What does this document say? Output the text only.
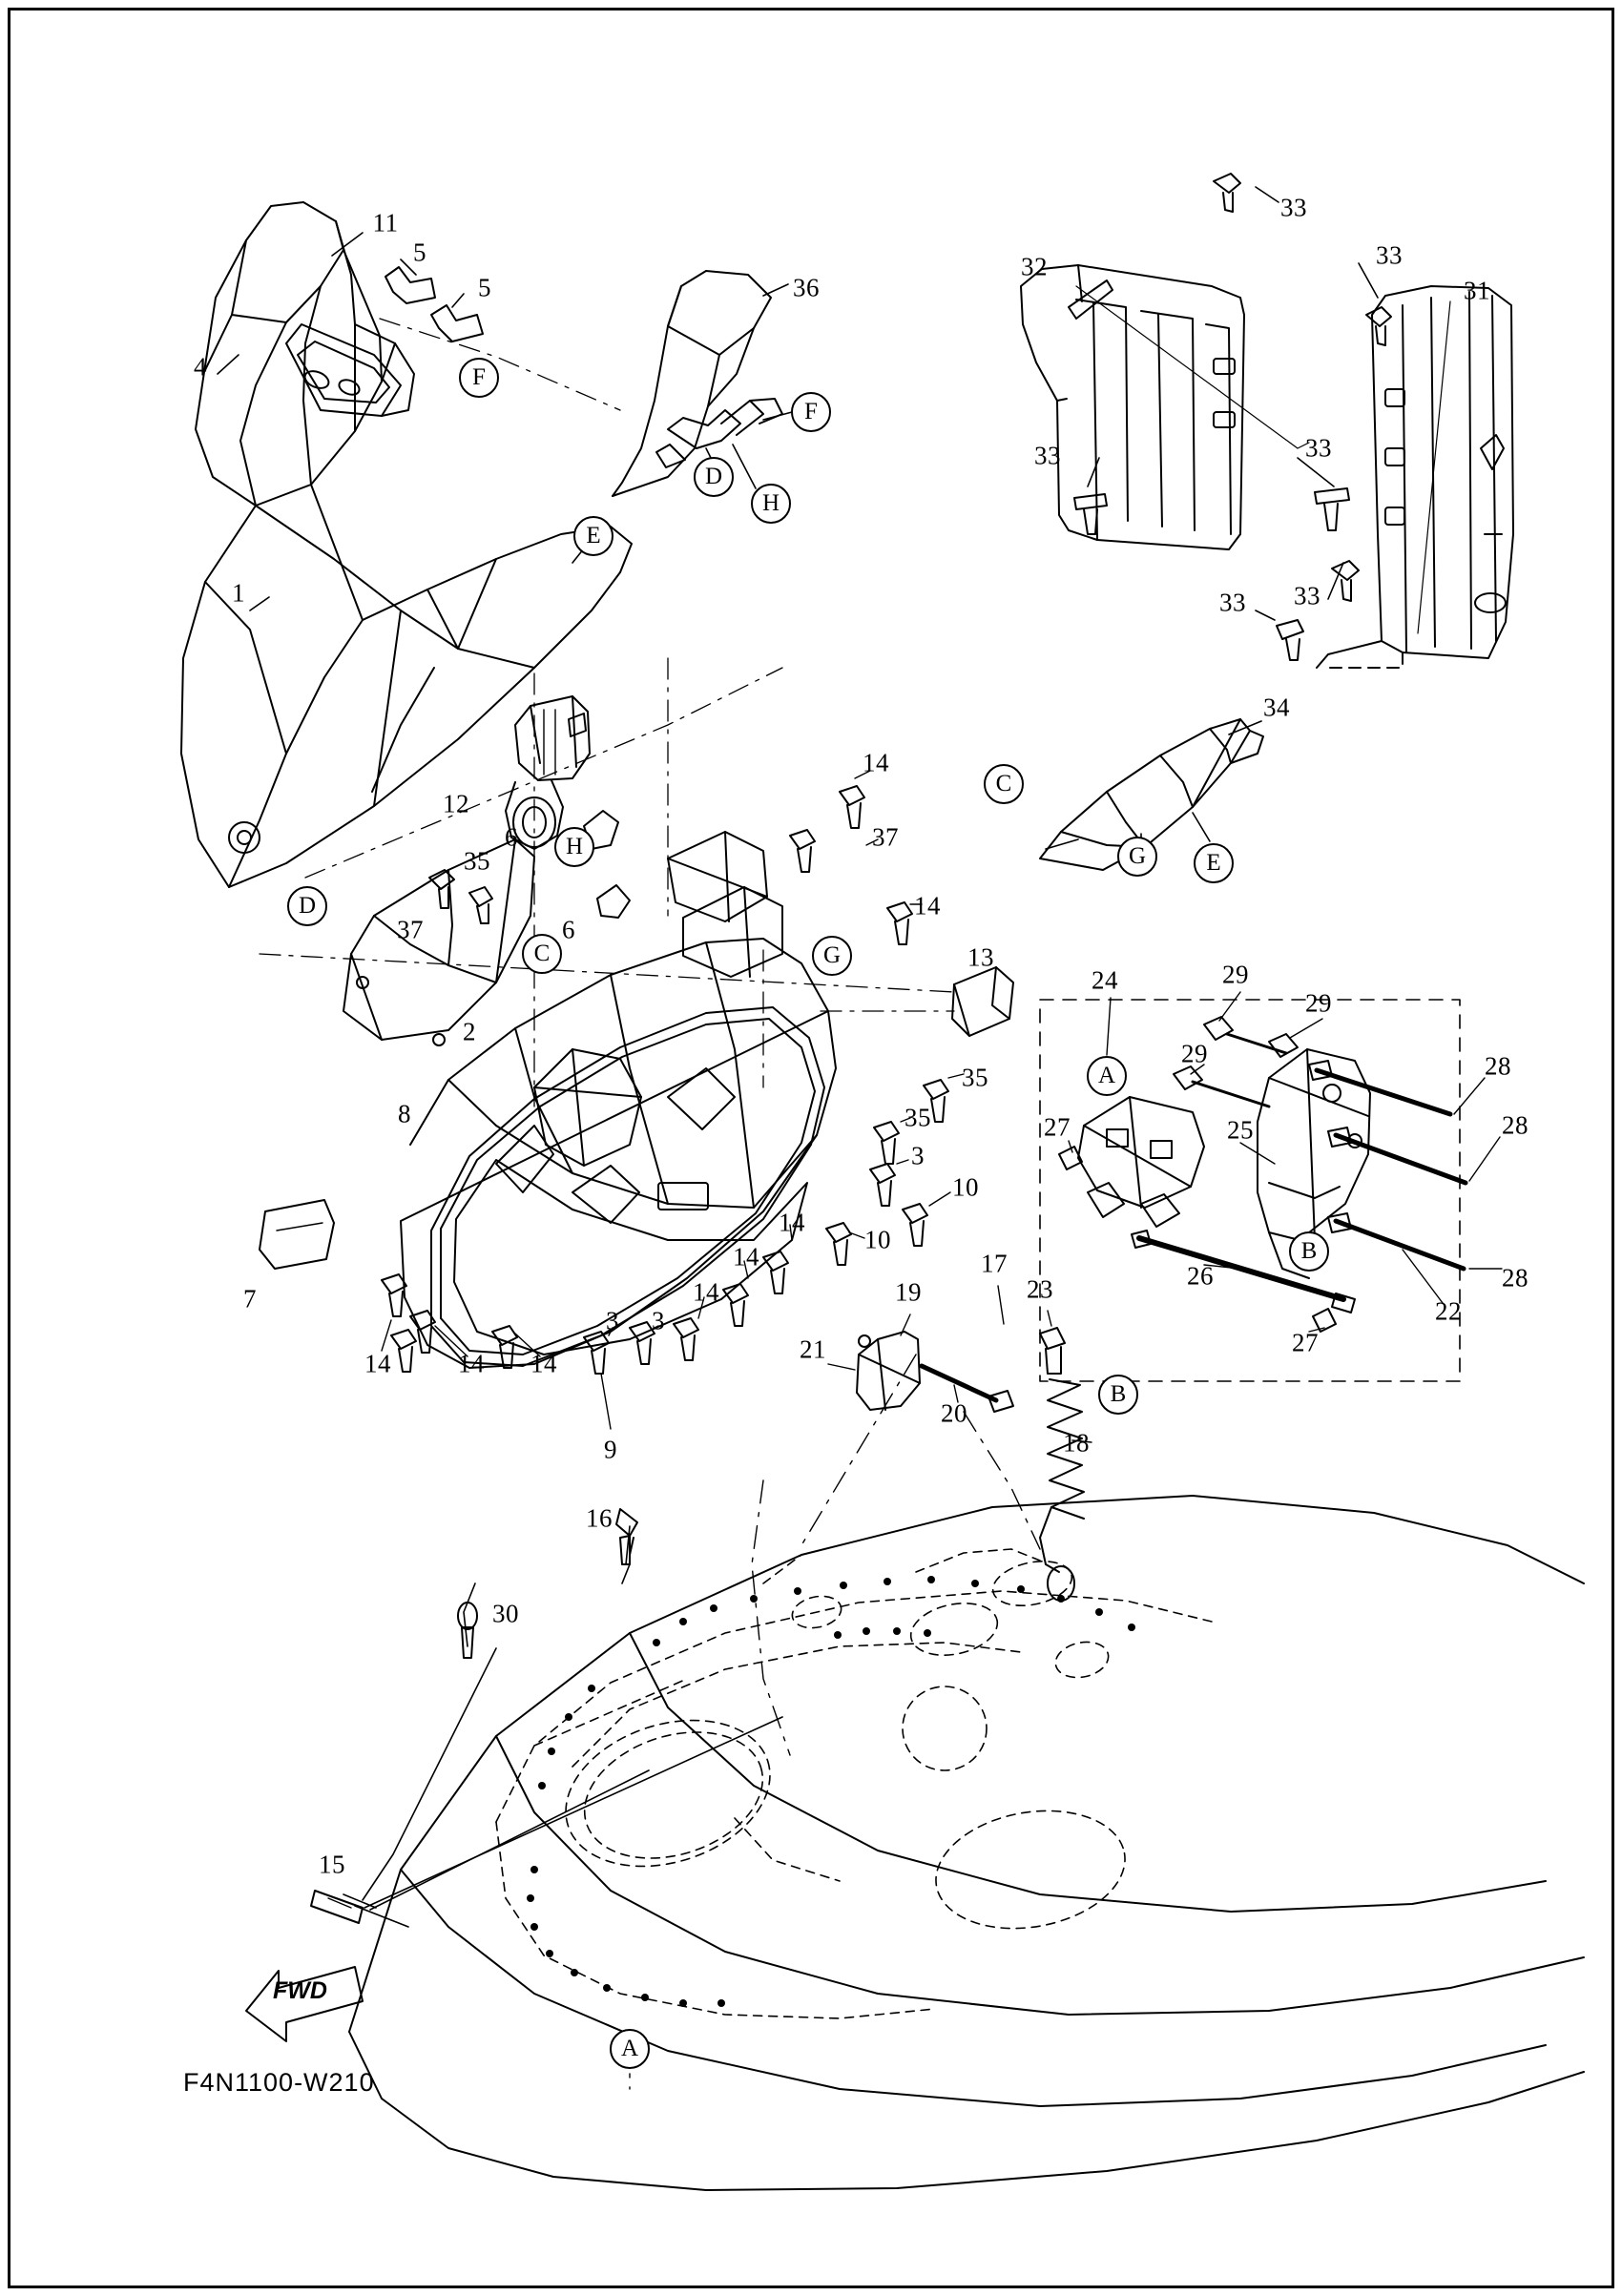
11
5
5
4
36
1
12
6
35
37	6
37
14
14
2
8
13
35
35
3
10
10
14
14
14
3
3
14
14
14
7
9
21
19
20
17
23
18
16
30
15
24	29
29
29
27	25
26
27
22
28
28
28
32
33
33
31
33	33
33 33
34
F
F
D
H
E
H
D
C	G
C
G	E
A
B
B
A
FWD
F4N1100-W210
